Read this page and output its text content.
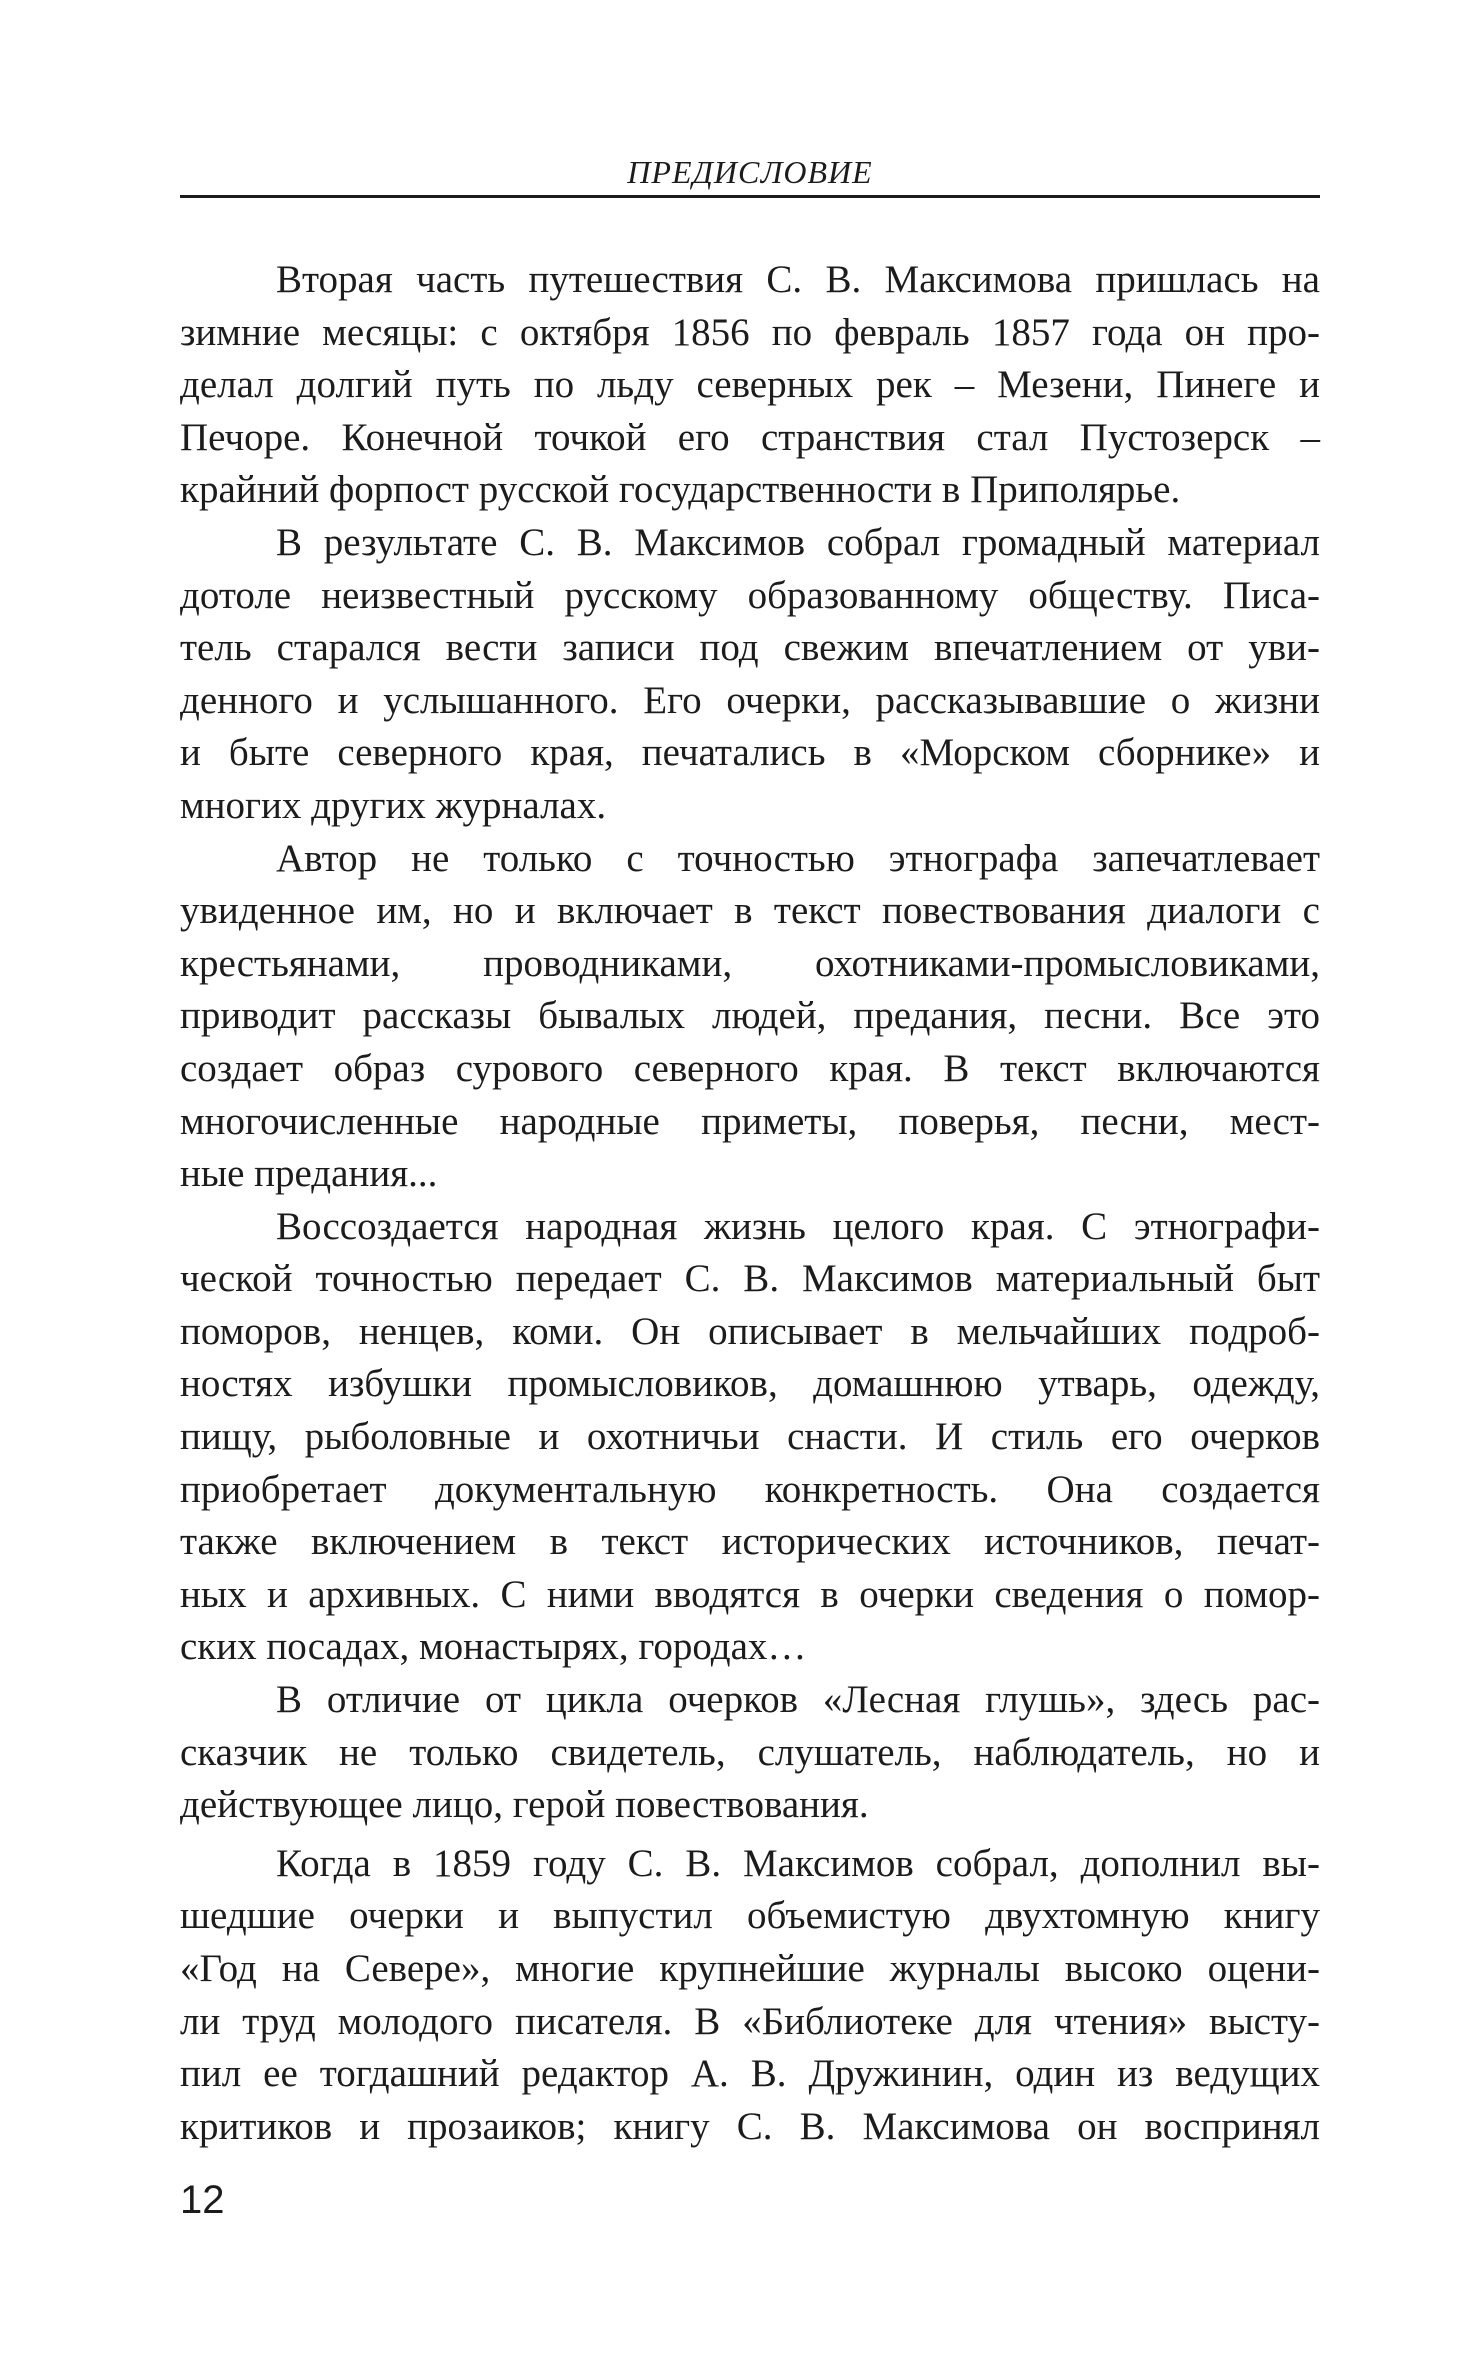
ПРЕДИСЛОВИЕ
Вторая часть путешествия С. В. Максимова пришлась на
зимние месяцы: с октября 1856 по февраль 1857 года он про-
делал долгий путь по льду северных рек – Мезени, Пинеге и
Печоре. Конечной точкой его странствия стал Пустозерск –
крайний форпост русской государственности в Приполярье.
В результате С. В. Максимов собрал громадный материал
дотоле неизвестный русскому образованному обществу. Писа-
тель старался вести записи под свежим впечатлением от уви-
денного и услышанного. Его очерки, рассказывавшие о жизни
и быте северного края, печатались в «Морском сборнике» и
многих других журналах.
Автор не только с точностью этнографа запечатлевает
увиденное им, но и включает в текст повествования диалоги с
крестьянами, проводниками, охотниками-промысловиками,
приводит рассказы бывалых людей, предания, песни. Все это
создает образ сурового северного края. В текст включаются
многочисленные народные приметы, поверья, песни, мест-
ные предания...
Воссоздается народная жизнь целого края. С этнографи-
ческой точностью передает С. В. Максимов материальный быт
поморов, ненцев, коми. Он описывает в мельчайших подроб-
ностях избушки промысловиков, домашнюю утварь, одежду,
пищу, рыболовные и охотничьи снасти. И стиль его очерков
приобретает документальную конкретность. Она создается
также включением в текст исторических источников, печат-
ных и архивных. С ними вводятся в очерки сведения о помор-
ских посадах, монастырях, городах…
В отличие от цикла очерков «Лесная глушь», здесь рас-
сказчик не только свидетель, слушатель, наблюдатель, но и
действующее лицо, герой повествования.
Когда в 1859 году С. В. Максимов собрал, дополнил вы-
шедшие очерки и выпустил объемистую двухтомную книгу
«Год на Севере», многие крупнейшие журналы высоко оцени-
ли труд молодого писателя. В «Библиотеке для чтения» высту-
пил ее тогдашний редактор А. В. Дружинин, один из ведущих
критиков и прозаиков; книгу С. В. Максимова он воспринял
12
